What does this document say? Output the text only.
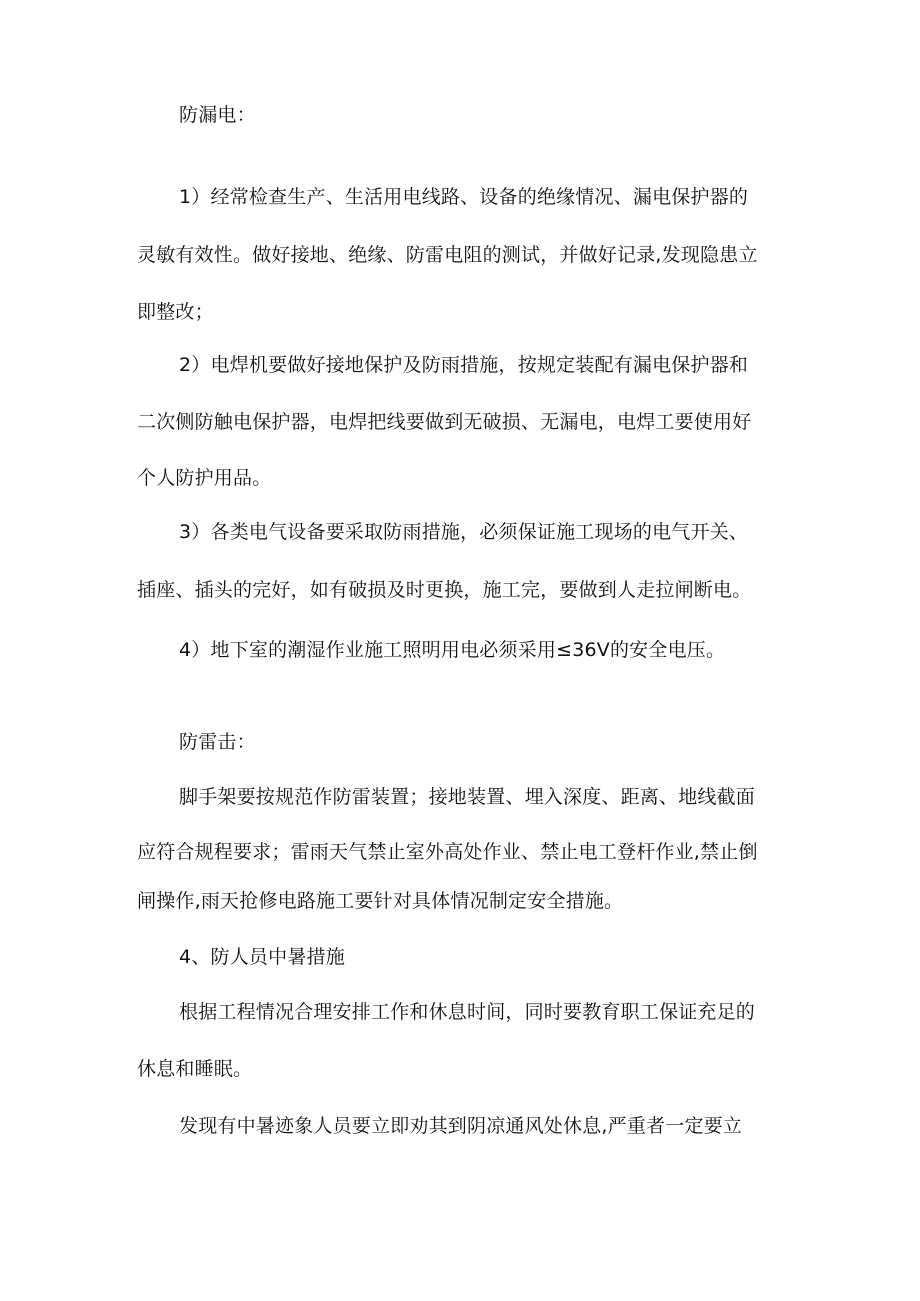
防漏电：
1）经常检查生产、生活用电线路、设备的绝缘情况、漏电保护器的
灵敏有效性。做好接地、绝缘、防雷电阻的测试，并做好记录,发现隐患立
即整改；
2）电焊机要做好接地保护及防雨措施，按规定装配有漏电保护器和
二次侧防触电保护器，电焊把线要做到无破损、无漏电，电焊工要使用好
个人防护用品。
3）各类电气设备要采取防雨措施，必须保证施工现场的电气开关、
插座、插头的完好，如有破损及时更换，施工完，要做到人走拉闸断电。
4）地下室的潮湿作业施工照明用电必须采用≤36V的安全电压。
防雷击：
脚手架要按规范作防雷装置；接地装置、埋入深度、距离、地线截面
应符合规程要求；雷雨天气禁止室外高处作业、禁止电工登杆作业,禁止倒
闸操作,雨天抢修电路施工要针对具体情况制定安全措施。
4、防人员中暑措施
根据工程情况合理安排工作和休息时间，同时要教育职工保证充足的
休息和睡眠。
发现有中暑迹象人员要立即劝其到阴凉通风处休息,严重者一定要立
